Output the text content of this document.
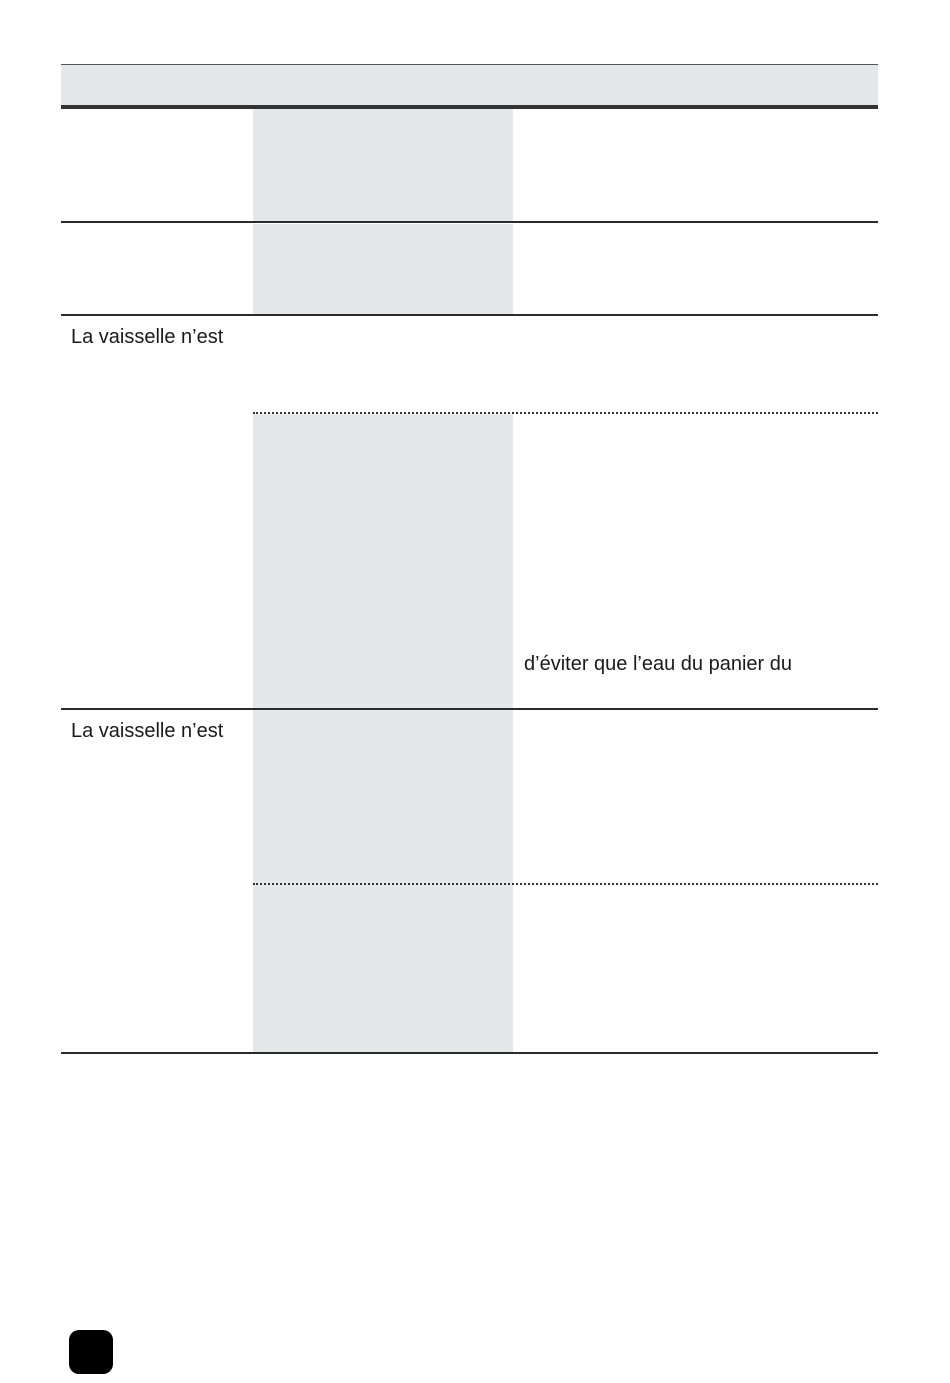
La vaisselle n’est
d’éviter que l’eau du panier du
La vaisselle n’est
